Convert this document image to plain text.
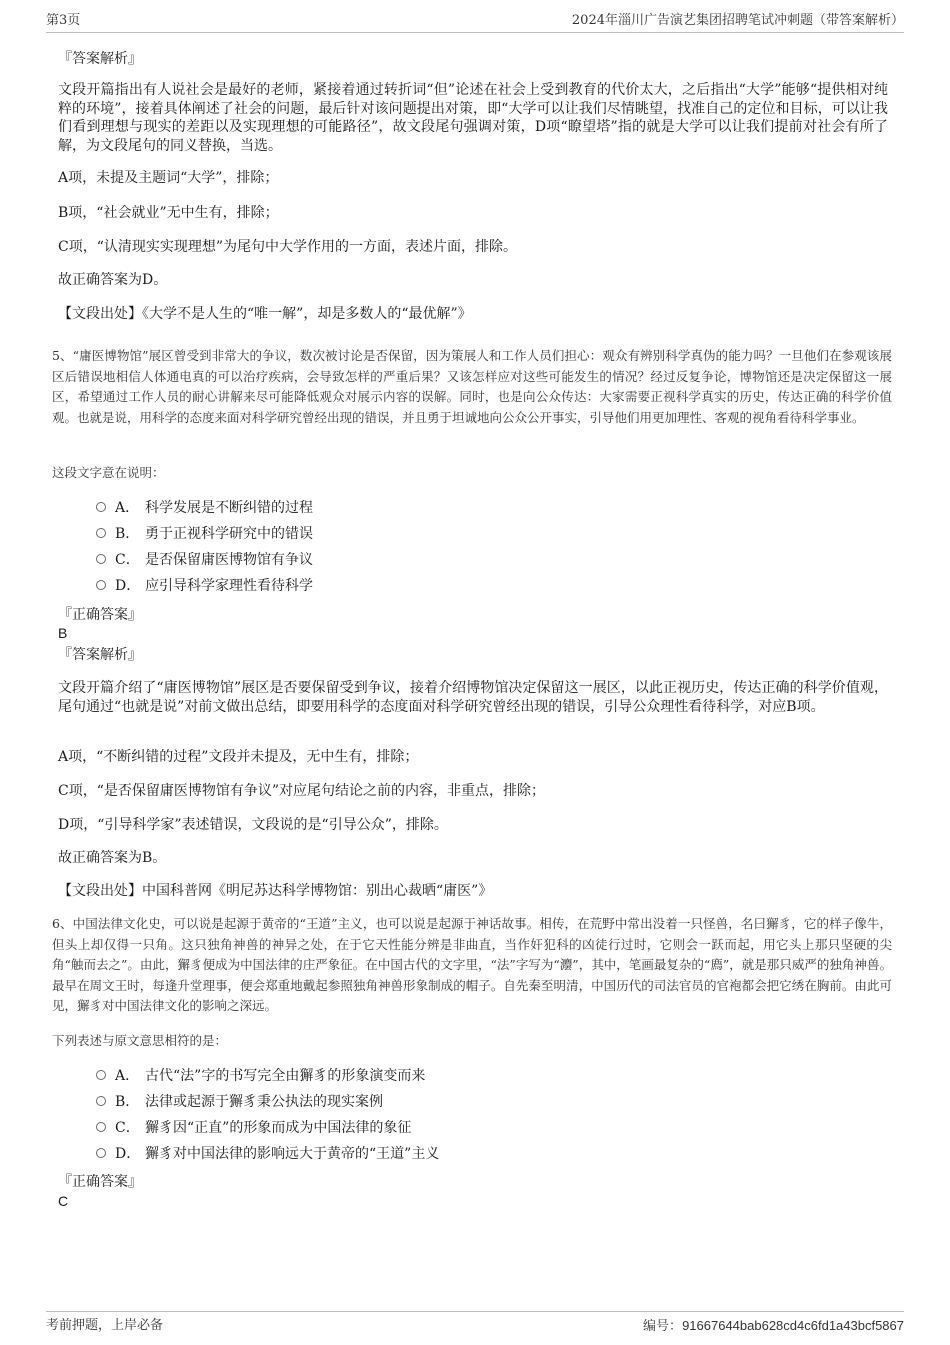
第3页	2024年淄川广告演艺集团招聘笔试冲刺题（带答案解析）
『答案解析』
文段开篇指出有人说社会是最好的老师，紧接着通过转折词“但”论述在社会上受到教育的代价太大，之后指出“大学”能够“提供相对纯粹的环境”，接着具体阐述了社会的问题，最后针对该问题提出对策，即“大学可以让我们尽情眺望，找准自己的定位和目标，可以让我们看到理想与现实的差距以及实现理想的可能路径”，故文段尾句强调对策，D项“瞭望塔”指的就是大学可以让我们提前对社会有所了解，为文段尾句的同义替换，当选。
A项，未提及主题词“大学”，排除；
B项，“社会就业”无中生有，排除；
C项，“认清现实实现理想”为尾句中大学作用的一方面，表述片面，排除。
故正确答案为D。
【文段出处】《大学不是人生的“唯一解”，却是多数人的“最优解”》
5、“庸医博物馆”展区曾受到非常大的争议，数次被讨论是否保留，因为策展人和工作人员们担心：观众有辨别科学真伪的能力吗？一旦他们在参观该展区后错误地相信人体通电真的可以治疗疾病，会导致怎样的严重后果？又该怎样应对这些可能发生的情况？经过反复争论，博物馆还是决定保留这一展区，希望通过工作人员的耐心讲解来尽可能降低观众对展示内容的误解。同时，也是向公众传达：大家需要正视科学真实的历史，传达正确的科学价值观。也就是说，用科学的态度来面对科学研究曾经出现的错误，并且勇于坦诚地向公众公开事实，引导他们用更加理性、客观的视角看待科学事业。
这段文字意在说明：
A． 科学发展是不断纠错的过程
B． 勇于正视科学研究中的错误
C． 是否保留庸医博物馆有争议
D． 应引导科学家理性看待科学
『正确答案』
B
『答案解析』
文段开篇介绍了“庸医博物馆”展区是否要保留受到争议，接着介绍博物馆决定保留这一展区，以此正视历史，传达正确的科学价值观，尾句通过“也就是说”对前文做出总结，即要用科学的态度面对科学研究曾经出现的错误，引导公众理性看待科学，对应B项。
A项，“不断纠错的过程”文段并未提及，无中生有，排除；
C项，“是否保留庸医博物馆有争议”对应尾句结论之前的内容，非重点，排除；
D项，“引导科学家”表述错误，文段说的是“引导公众”，排除。
故正确答案为B。
【文段出处】中国科普网《明尼苏达科学博物馆：别出心裁晒“庸医”》
6、中国法律文化史，可以说是起源于黄帝的“王道”主义，也可以说是起源于神话故事。相传，在荒野中常出没着一只怪兽，名曰獬豸，它的样子像牛，但头上却仅得一只角。这只独角神兽的神异之处，在于它天性能分辨是非曲直，当作奸犯科的凶徒行过时，它则会一跃而起，用它头上那只坚硬的尖角“触而去之”。由此，獬豸便成为中国法律的庄严象征。在中国古代的文字里，“法”字写为“灋”，其中，笔画最复杂的“廌”，就是那只威严的独角神兽。最早在周文王时，每逢升堂理事，便会郑重地戴起参照独角神兽形象制成的帽子。自先秦至明清，中国历代的司法官员的官袍都会把它绣在胸前。由此可见，獬豸对中国法律文化的影响之深远。
下列表述与原文意思相符的是：
A． 古代“法”字的书写完全由獬豸的形象演变而来
B． 法律或起源于獬豸秉公执法的现实案例
C． 獬豸因“正直”的形象而成为中国法律的象征
D． 獬豸对中国法律的影响远大于黄帝的“王道”主义
『正确答案』
C
考前押题，上岸必备	编号：91667644bab628cd4c6fd1a43bcf5867
